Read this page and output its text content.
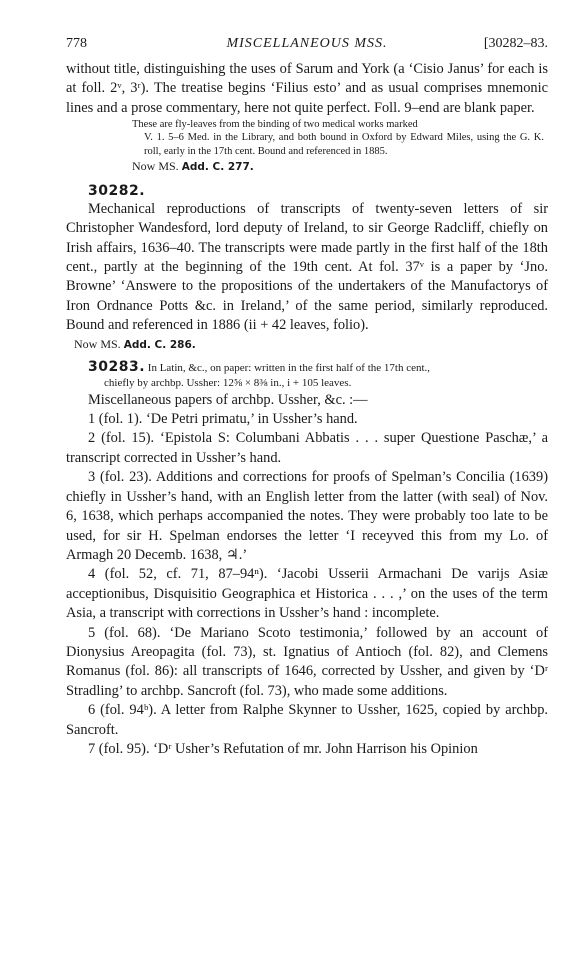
778	MISCELLANEOUS MSS.	[30282–83.

without title, distinguishing the uses of Sarum and York (a ‘Cisio Janus’ for each is at foll. 2ᵛ, 3ʳ). The treatise begins ‘Filius esto’ and as usual comprises mnemonic lines and a prose commentary, here not quite perfect. Foll. 9–end are blank paper.

These are fly-leaves from the binding of two medical works marked
V. 1. 5–6 Med. in the Library, and both bound in Oxford by Edward Miles, using the G. K. roll, early in the 17th cent. Bound and referenced in 1885.

Now MS. Add. C. 277.
30282.

Mechanical reproductions of transcripts of twenty-seven letters of sir Christopher Wandesford, lord deputy of Ireland, to sir George Radcliff, chiefly on Irish affairs, 1636–40. The transcripts were made partly in the first half of the 18th cent., partly at the beginning of the 19th cent. At fol. 37ᵛ is a paper by ‘Jno. Browne’ ‘Answere to the propositions of the undertakers of the Manufactorys of Iron Ordnance Potts &c. in Ireland,’ of the same period, similarly reproduced. Bound and referenced in 1886 (ii + 42 leaves, folio).

Now MS. Add. C. 286.
30283. In Latin, &c., on paper: written in the first half of the 17th cent.,
chiefly by archbp. Ussher: 12⅝ × 8⅜ in., i + 105 leaves.

Miscellaneous papers of archbp. Ussher, &c. :—

1 (fol. 1). ‘De Petri primatu,’ in Ussher’s hand.

2 (fol. 15). ‘Epistola S: Columbani Abbatis . . . super Questione Paschæ,’ a transcript corrected in Ussher’s hand.

3 (fol. 23). Additions and corrections for proofs of Spelman’s Concilia (1639) chiefly in Ussher’s hand, with an English letter from the latter (with seal) of Nov. 6, 1638, which perhaps accompanied the notes. They were probably too late to be used, for sir H. Spelman endorses the letter ‘I receyved this from my Lo. of Armagh 20 Decemb. 1638, ♃.’

4 (fol. 52, cf. 71, 87–94ⁿ). ‘Jacobi Usserii Armachani De varijs Asiæ acceptionibus, Disquisitio Geographica et Historica . . . ,’ on the uses of the term Asia, a transcript with corrections in Ussher’s hand : incomplete.

5 (fol. 68). ‘De Mariano Scoto testimonia,’ followed by an account of Dionysius Areopagita (fol. 73), st. Ignatius of Antioch (fol. 82), and Clemens Romanus (fol. 86): all transcripts of 1646, corrected by Ussher, and given by ‘Dʳ Stradling’ to archbp. Sancroft (fol. 73), who made some additions.

6 (fol. 94ᵇ). A letter from Ralphe Skynner to Ussher, 1625, copied by archbp. Sancroft.

7 (fol. 95). ‘Dʳ Usher’s Refutation of mr. John Harrison his Opinion
